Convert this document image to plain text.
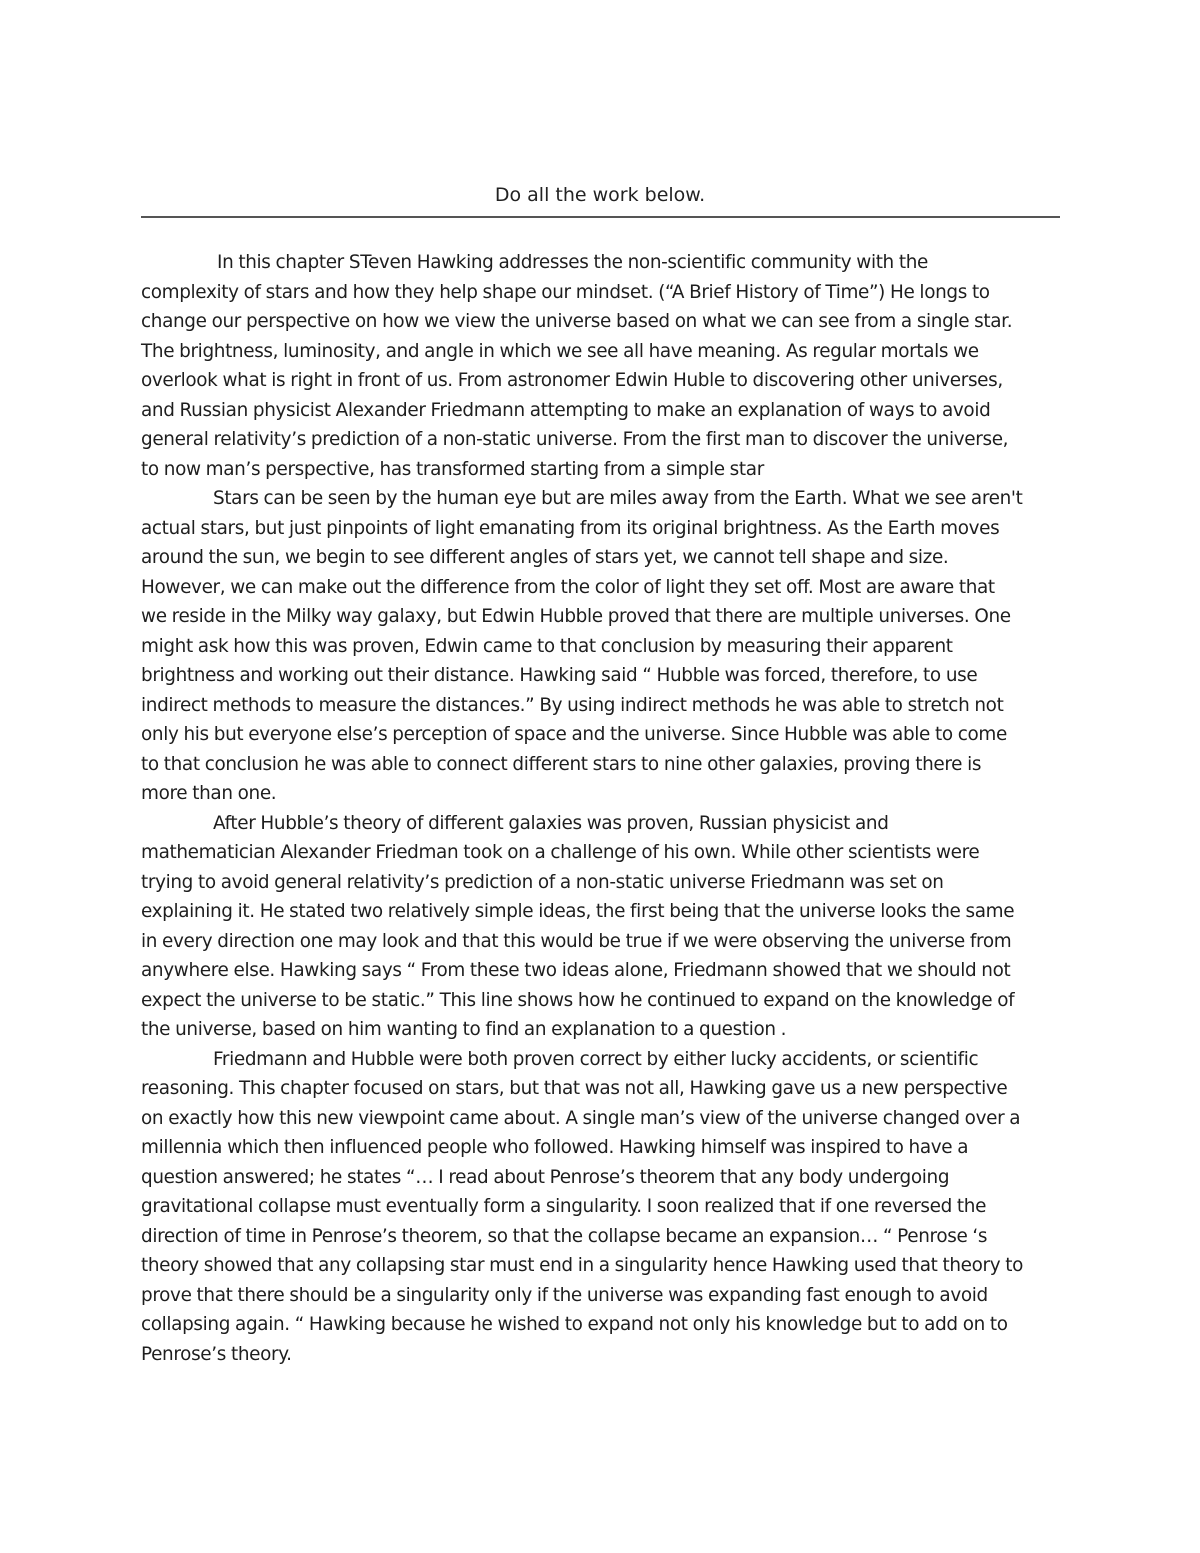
Do all the work below.

In this chapter STeven Hawking addresses the non-scientific community with the
complexity of stars and how they help shape our mindset. (“A Brief History of Time”) He longs to
change our perspective on how we view the universe based on what we can see from a single star.
The brightness, luminosity, and angle in which we see all have meaning. As regular mortals we
overlook what is right in front of us. From astronomer Edwin Huble to discovering other universes,
and Russian physicist Alexander Friedmann attempting to make an explanation of ways to avoid
general relativity’s prediction of a non-static universe. From the first man to discover the universe,
to now man’s perspective, has transformed starting from a simple star

Stars can be seen by the human eye but are miles away from the Earth. What we see aren't
actual stars, but just pinpoints of light emanating from its original brightness. As the Earth moves
around the sun, we begin to see different angles of stars yet, we cannot tell shape and size.
However, we can make out the difference from the color of light they set off. Most are aware that
we reside in the Milky way galaxy, but Edwin Hubble proved that there are multiple universes. One
might ask how this was proven, Edwin came to that conclusion by measuring their apparent
brightness and working out their distance. Hawking said “ Hubble was forced, therefore, to use
indirect methods to measure the distances.” By using indirect methods he was able to stretch not
only his but everyone else’s perception of space and the universe. Since Hubble was able to come
to that conclusion he was able to connect different stars to nine other galaxies, proving there is
more than one.

After Hubble’s theory of different galaxies was proven, Russian physicist and
mathematician Alexander Friedman took on a challenge of his own. While other scientists were
trying to avoid general relativity’s prediction of a non-static universe Friedmann was set on
explaining it. He stated two relatively simple ideas, the first being that the universe looks the same
in every direction one may look and that this would be true if we were observing the universe from
anywhere else. Hawking says “ From these two ideas alone, Friedmann showed that we should not
expect the universe to be static.” This line shows how he continued to expand on the knowledge of
the universe, based on him wanting to find an explanation to a question .

Friedmann and Hubble were both proven correct by either lucky accidents, or scientific
reasoning. This chapter focused on stars, but that was not all, Hawking gave us a new perspective
on exactly how this new viewpoint came about. A single man’s view of the universe changed over a
millennia which then influenced people who followed. Hawking himself was inspired to have a
question answered; he states “… I read about Penrose’s theorem that any body undergoing
gravitational collapse must eventually form a singularity. I soon realized that if one reversed the
direction of time in Penrose’s theorem, so that the collapse became an expansion… “ Penrose ‘s
theory showed that any collapsing star must end in a singularity hence Hawking used that theory to
prove that there should be a singularity only if the universe was expanding fast enough to avoid
collapsing again. “ Hawking because he wished to expand not only his knowledge but to add on to
Penrose’s theory.
